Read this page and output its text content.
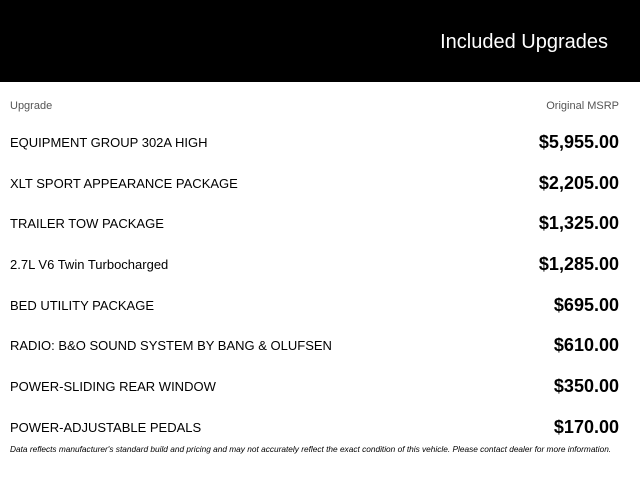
Included Upgrades
Upgrade	Original MSRP
EQUIPMENT GROUP 302A HIGH	$5,955.00
XLT SPORT APPEARANCE PACKAGE	$2,205.00
TRAILER TOW PACKAGE	$1,325.00
2.7L V6 Twin Turbocharged	$1,285.00
BED UTILITY PACKAGE	$695.00
RADIO: B&O SOUND SYSTEM BY BANG & OLUFSEN	$610.00
POWER-SLIDING REAR WINDOW	$350.00
POWER-ADJUSTABLE PEDALS	$170.00
Data reflects manufacturer's standard build and pricing and may not accurately reflect the exact condition of this vehicle. Please contact dealer for more information.
